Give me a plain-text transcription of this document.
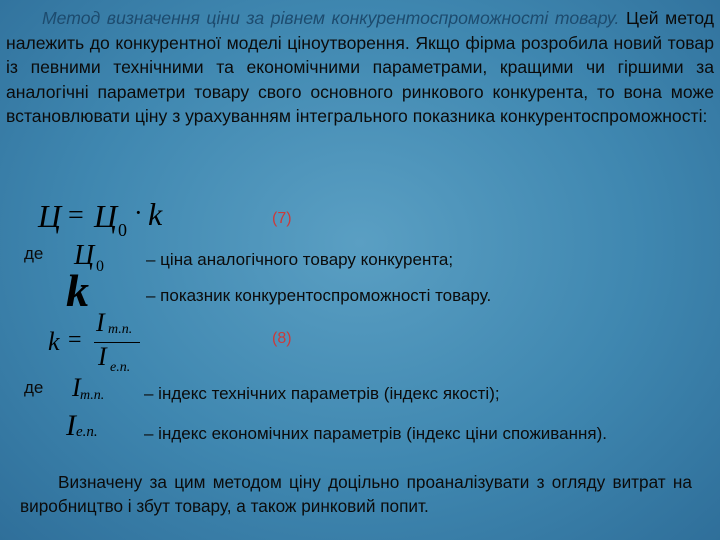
Метод визначення ціни за рівнем конкурентоспроможності товару. Цей метод належить до конкурентної моделі ціноутворення. Якщо фірма розробила новий товар із певними технічними та економічними параметрами, кращими чи гіршими за аналогічні параметри товару свого основного ринкового конкурента, то вона може встановлювати ціну з урахуванням інтегрального показника конкурентоспроможності:

Ц = Ц 0
· k	(7)
де Ц 0 – ціна аналогічного товару конкурента;
k	– показник конкурентоспроможності товару.
k =
I т.п.
I е.п.
(8)
де I т.п. – індекс технічних параметрів (індекс якості);
I е.п.	– індекс економічних параметрів (індекс ціни споживання).

Визначену за цим методом ціну доцільно проаналізувати з огляду витрат на виробництво і збут товару, а також ринковий попит.
